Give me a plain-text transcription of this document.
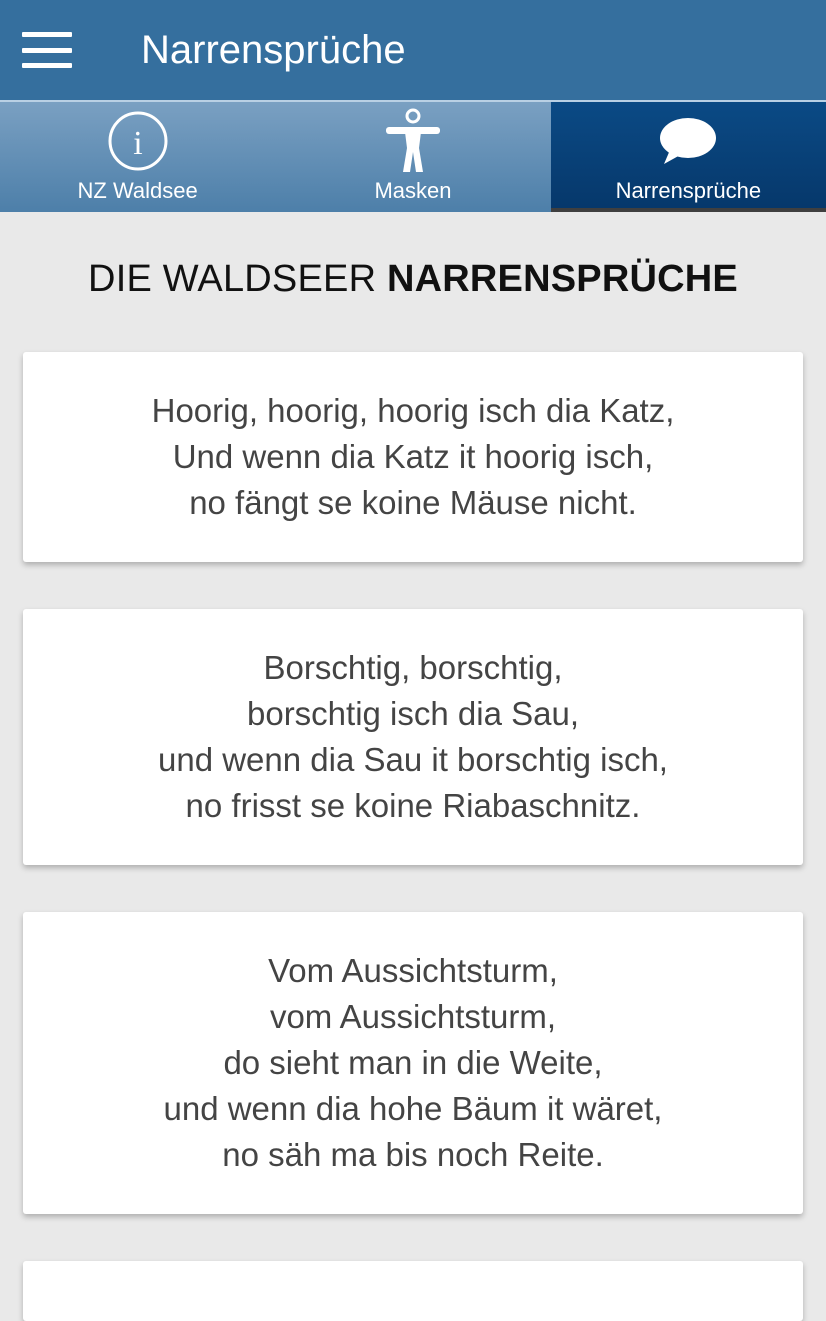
Narrensprüche
i
NZ Waldsee	Masken	Narrensprüche
DIE WALDSEER NARRENSPRÜCHE
Hoorig, hoorig, hoorig isch dia Katz,
Und wenn dia Katz it hoorig isch,
no fängt se koine Mäuse nicht.
Borschtig, borschtig,
borschtig isch dia Sau,
und wenn dia Sau it borschtig isch,
no frisst se koine Riabaschnitz.
Vom Aussichtsturm,
vom Aussichtsturm,
do sieht man in die Weite,
und wenn dia hohe Bäum it wäret,
no säh ma bis noch Reite.
